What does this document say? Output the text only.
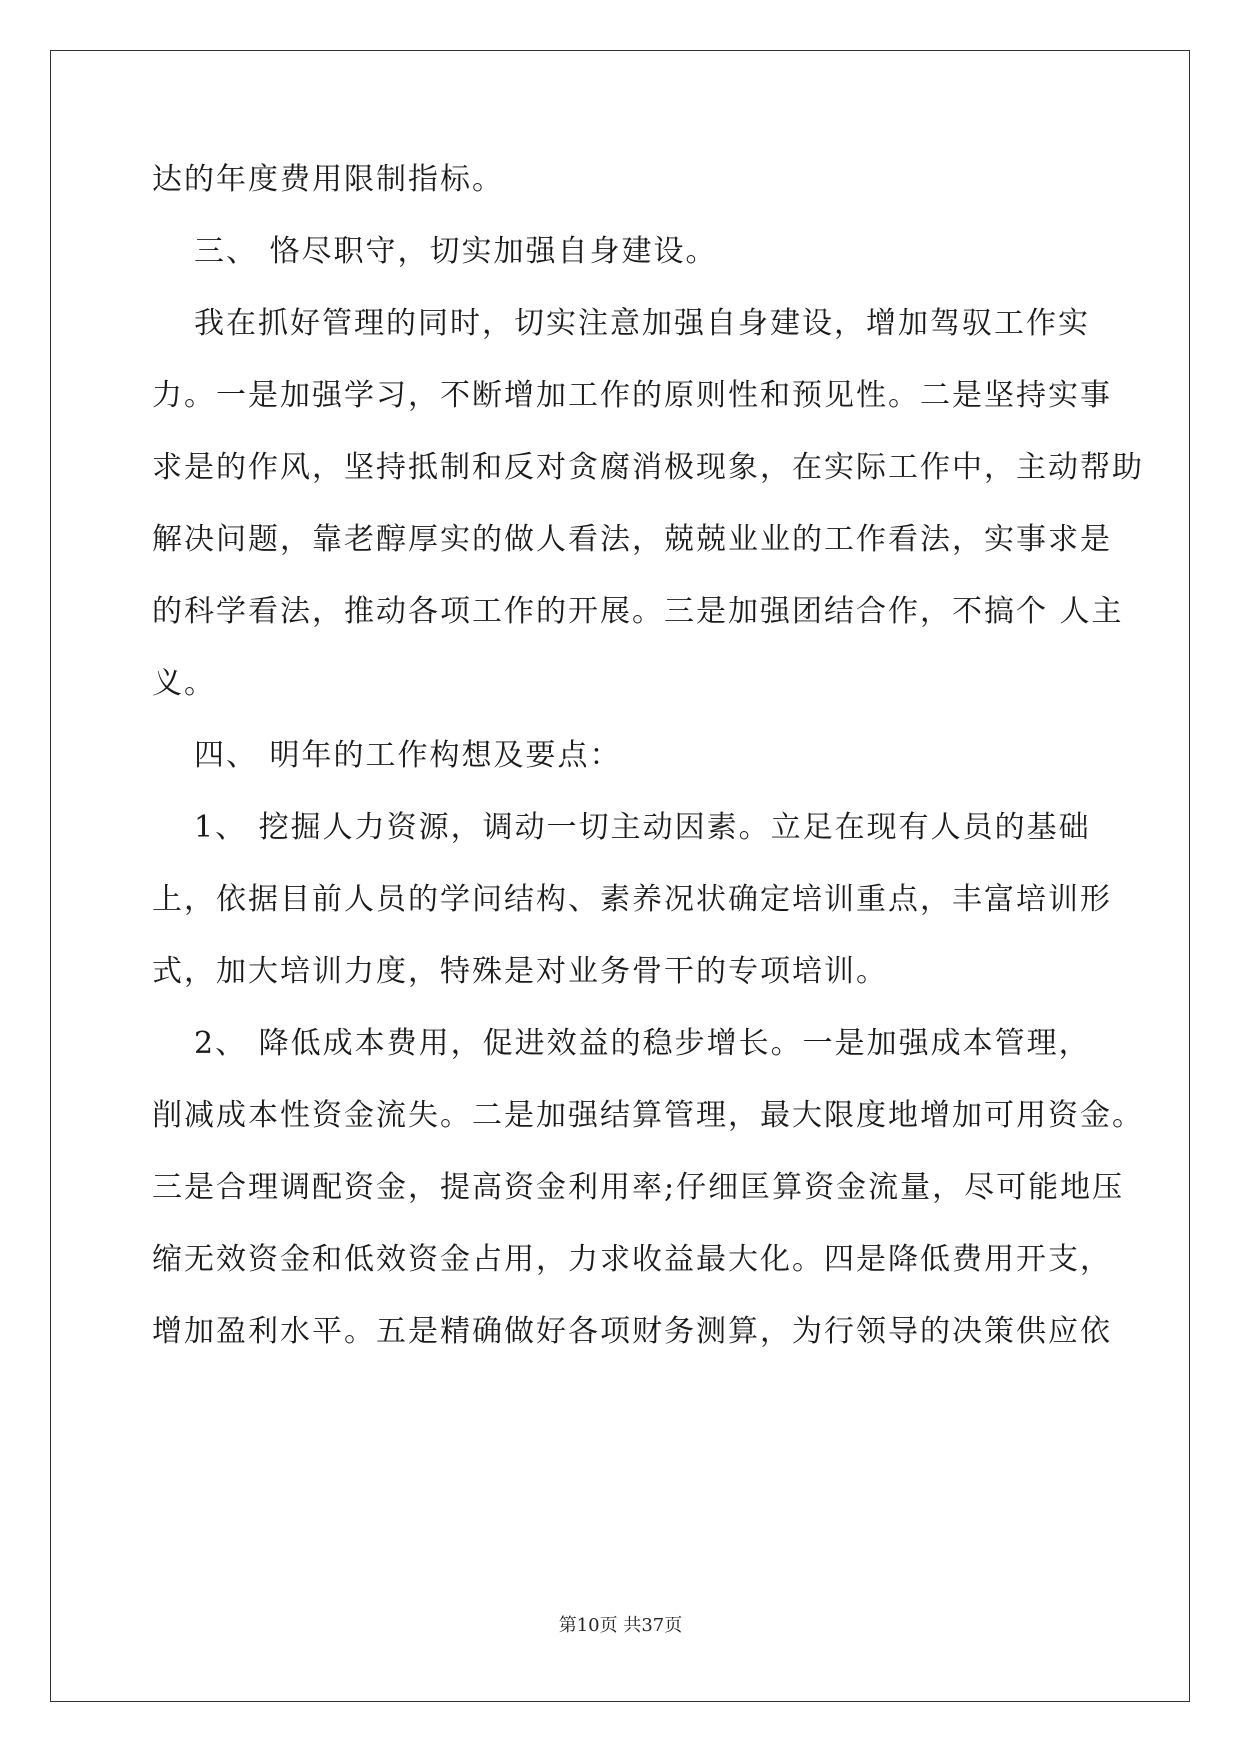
达的年度费用限制指标。
三、 恪尽职守，切实加强自身建设。
我在抓好管理的同时，切实注意加强自身建设，增加驾驭工作实
力。一是加强学习，不断增加工作的原则性和预见性。二是坚持实事
求是的作风，坚持抵制和反对贪腐消极现象，在实际工作中，主动帮助
解决问题，靠老醇厚实的做人看法，兢兢业业的工作看法，实事求是
的科学看法，推动各项工作的开展。三是加强团结合作，不搞个 人主
义。
四、 明年的工作构想及要点：
1、 挖掘人力资源，调动一切主动因素。立足在现有人员的基础
上，依据目前人员的学问结构、素养况状确定培训重点，丰富培训形
式，加大培训力度，特殊是对业务骨干的专项培训。
2、 降低成本费用，促进效益的稳步增长。一是加强成本管理，
削减成本性资金流失。二是加强结算管理，最大限度地增加可用资金。
三是合理调配资金，提高资金利用率;仔细匡算资金流量，尽可能地压
缩无效资金和低效资金占用，力求收益最大化。四是降低费用开支，
增加盈利水平。五是精确做好各项财务测算，为行领导的决策供应依
第10页 共37页
